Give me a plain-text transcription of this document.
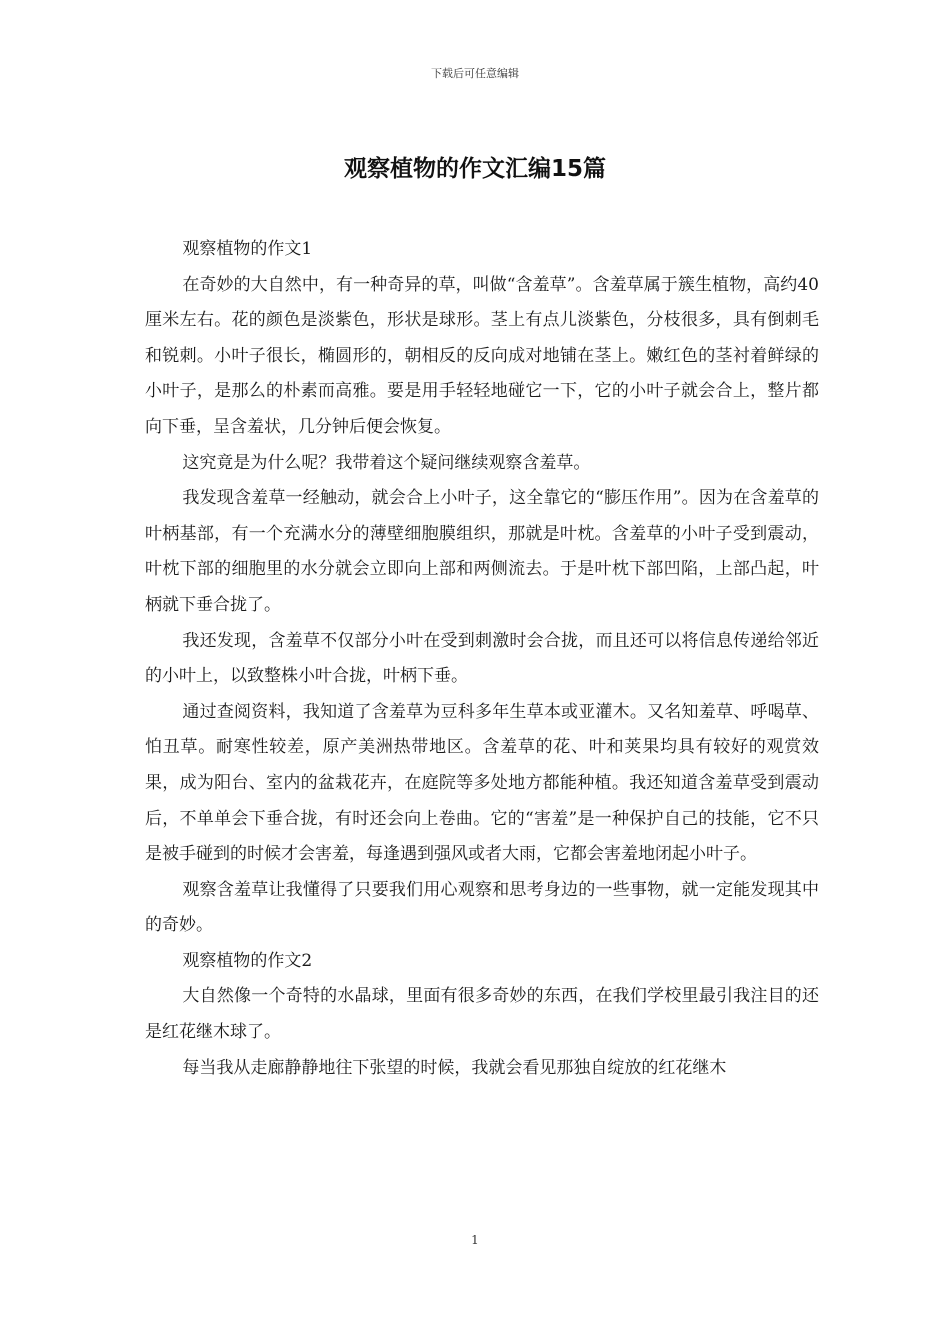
下载后可任意编辑
观察植物的作文汇编15篇

观察植物的作文1

在奇妙的大自然中，有一种奇异的草，叫做“含羞草”。含羞草属于簇生植物，高约40厘米左右。花的颜色是淡紫色，形状是球形。茎上有点儿淡紫色，分枝很多，具有倒刺毛和锐刺。小叶子很长，椭圆形的，朝相反的反向成对地铺在茎上。嫩红色的茎衬着鲜绿的小叶子，是那么的朴素而高雅。要是用手轻轻地碰它一下，它的小叶子就会合上，整片都向下垂，呈含羞状，几分钟后便会恢复。

这究竟是为什么呢？我带着这个疑问继续观察含羞草。

我发现含羞草一经触动，就会合上小叶子，这全靠它的“膨压作用”。因为在含羞草的叶柄基部，有一个充满水分的薄壁细胞膜组织，那就是叶枕。含羞草的小叶子受到震动，叶枕下部的细胞里的水分就会立即向上部和两侧流去。于是叶枕下部凹陷，上部凸起，叶柄就下垂合拢了。

我还发现，含羞草不仅部分小叶在受到刺激时会合拢，而且还可以将信息传递给邻近的小叶上，以致整株小叶合拢，叶柄下垂。

通过查阅资料，我知道了含羞草为豆科多年生草本或亚灌木。又名知羞草、呼喝草、怕丑草。耐寒性较差，原产美洲热带地区。含羞草的花、叶和荚果均具有较好的观赏效果，成为阳台、室内的盆栽花卉，在庭院等多处地方都能种植。我还知道含羞草受到震动后，不单单会下垂合拢，有时还会向上卷曲。它的“害羞”是一种保护自己的技能，它不只是被手碰到的时候才会害羞，每逢遇到强风或者大雨，它都会害羞地闭起小叶子。

观察含羞草让我懂得了只要我们用心观察和思考身边的一些事物，就一定能发现其中的奇妙。

观察植物的作文2

大自然像一个奇特的水晶球，里面有很多奇妙的东西，在我们学校里最引我注目的还是红花继木球了。

每当我从走廊静静地往下张望的时候，我就会看见那独自绽放的红花继木

1
